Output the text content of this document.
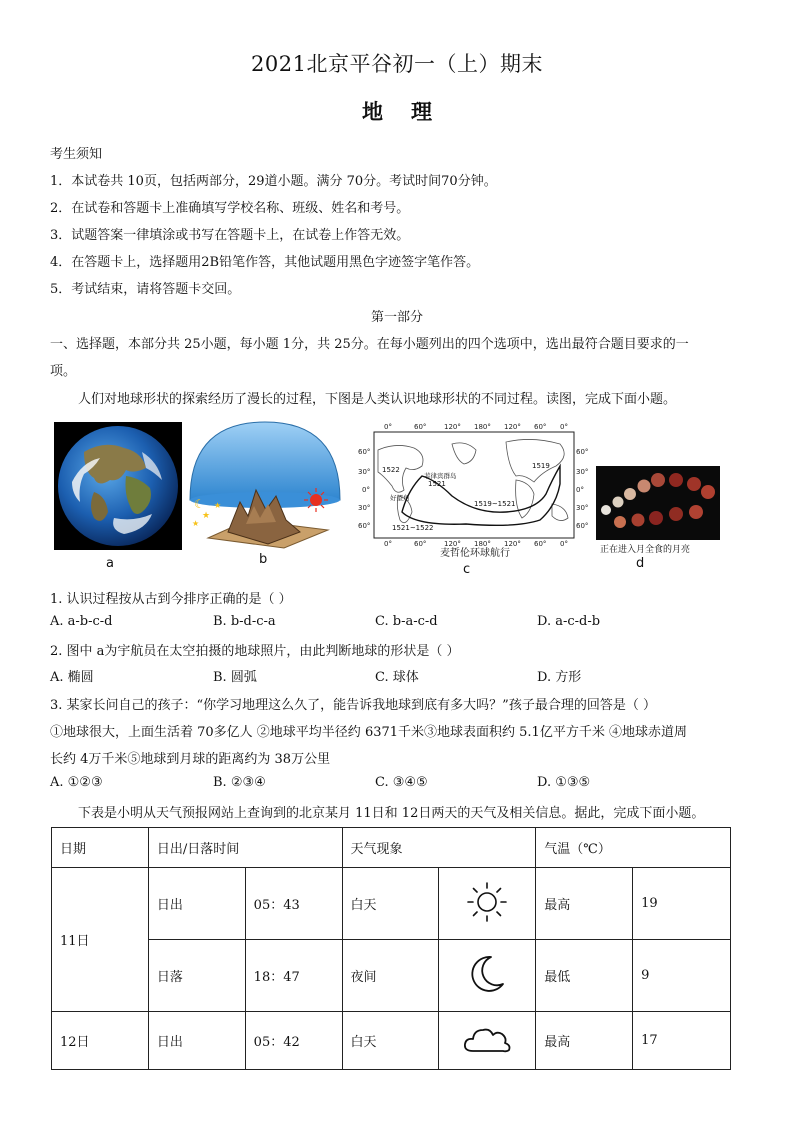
2021北京平谷初一（上）期末
地理
考生须知
1．本试卷共 10页，包括两部分，29道小题。满分 70分。考试时间70分钟。
2．在试卷和答题卡上准确填写学校名称、班级、姓名和考号。
3．试题答案一律填涂或书写在答题卡上，在试卷上作答无效。
4．在答题卡上，选择题用2B铅笔作答，其他试题用黑色字迹签字笔作答。
5．考试结束，请将答题卡交回。
第一部分
一、选择题，本部分共 25小题，每小题 1分，共 25分。在每小题列出的四个选项中，选出最符合题目要求的一
项。
人们对地球形状的探索经历了漫长的过程，下图是人类认识地球形状的不同过程。读图，完成下面小题。
a
☾
★
★
★
b
0°	60°	120° 180° 120° 60° 0°
0°	60°	120° 180° 120° 60° 0°
60°
30°
0°
30°
60°
60°
30°
0°
30°
60°
1522
1521
1519~1521
1521~1522
1519
菲律宾群岛
好望角
麦哲伦环球航行
c
正在进入月全食的月亮
d
1. 认识过程按从古到今排序正确的是（ ）
A. a-b-c-d	B. b-d-c-a	C. b-a-c-d	D. a-c-d-b
2. 图中 a为宇航员在太空拍摄的地球照片，由此判断地球的形状是（ ）
A. 椭圆	B. 圆弧	C. 球体	D. 方形
3. 某家长问自己的孩子：“你学习地理这么久了，能告诉我地球到底有多大吗？”孩子最合理的回答是（ ）
①地球很大，上面生活着 70多亿人 ②地球平均半径约 6371千米③地球表面积约 5.1亿平方千米 ④地球赤道周
长约 4万千米⑤地球到月球的距离约为 38万公里
A. ①②③	B. ②③④	C. ③④⑤	D. ①③⑤
下表是小明从天气预报网站上查询到的北京某月 11日和 12日两天的天气及相关信息。据此，完成下面小题。
日期	日出/日落时间		天气现象		气温（℃）	
11日	日出	05：43	白天		最高	19
	日落	18：47	夜间		最低	9
12日	日出	05：42	白天		最高	17
